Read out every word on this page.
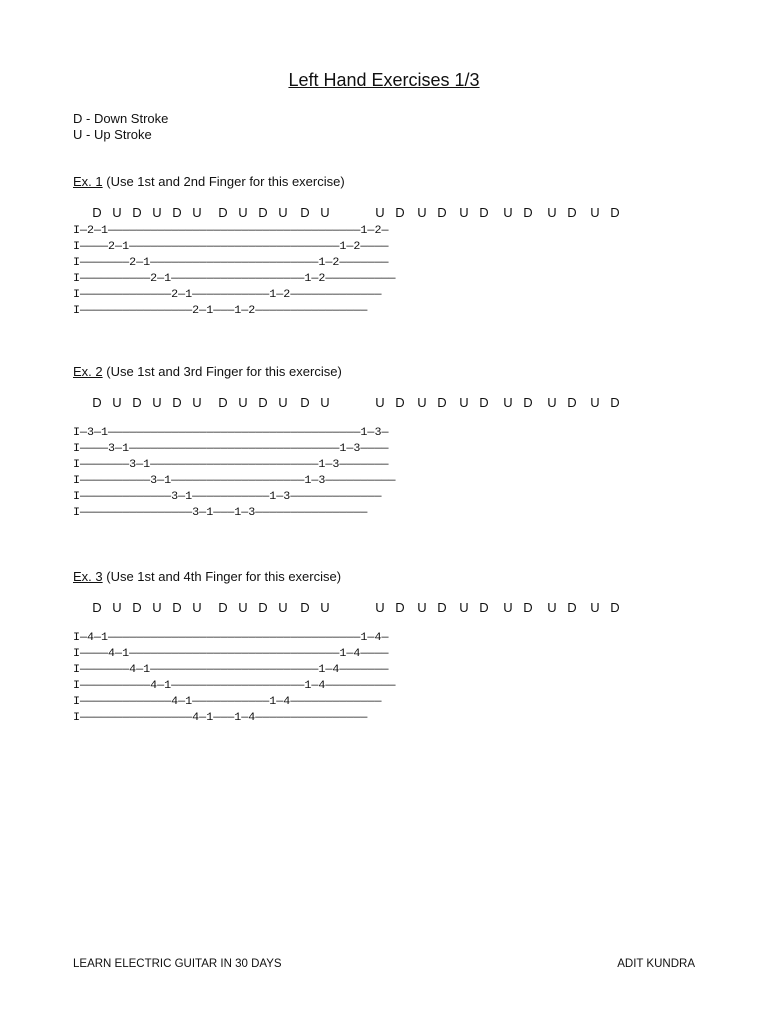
Left Hand Exercises 1/3
D - Down Stroke
U - Up Stroke
Ex. 1 (Use 1st and 2nd Finger for this exercise)
D U D U D U D U D U D U	U D U D U D U D U D U D
I—2—1————————————————————————————————————1—2—
I————2—1——————————————————————————————1—2————
I———————2—1————————————————————————1—2———————
I——————————2—1———————————————————1—2——————————
I—————————————2—1———————————1—2—————————————
I————————————————2—1———1—2————————————————
Ex. 2 (Use 1st and 3rd Finger for this exercise)
D U D U D U D U D U D U	U D U D U D U D U D U D
I—3—1————————————————————————————————————1—3—
I————3—1——————————————————————————————1—3————
I———————3—1————————————————————————1—3———————
I——————————3—1———————————————————1—3——————————
I—————————————3—1———————————1—3—————————————
I————————————————3—1———1—3————————————————
Ex. 3 (Use 1st and 4th Finger for this exercise)
D U D U D U D U D U D U	U D U D U D U D U D U D
I—4—1————————————————————————————————————1—4—
I————4—1——————————————————————————————1—4————
I———————4—1————————————————————————1—4———————
I——————————4—1———————————————————1—4——————————
I—————————————4—1———————————1—4—————————————
I————————————————4—1———1—4————————————————
LEARN ELECTRIC GUITAR IN 30 DAYS	ADIT KUNDRA
